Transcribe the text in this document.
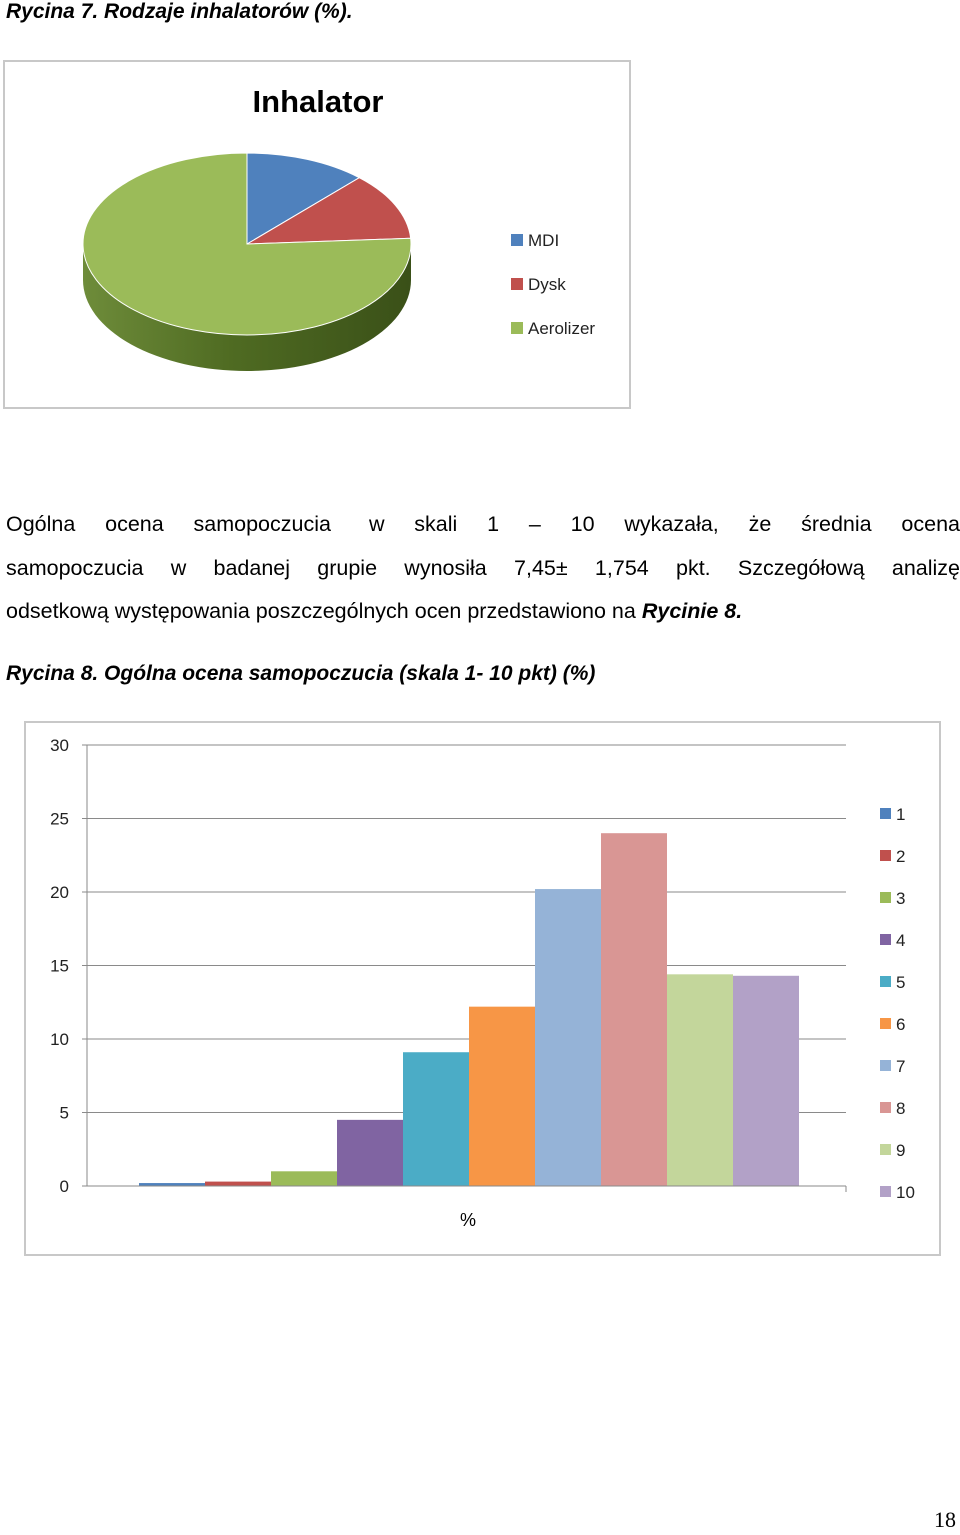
Rycina 7. Rodzaje inhalatorów (%).
Inhalator
MDI
Dysk
Aerolizer
Ogólna ocena samopoczucia w skali 1 – 10 wykazała, że średnia ocena
samopoczucia w badanej grupie wynosiła 7,45± 1,754 pkt. Szczegółową analizę
odsetkową występowania poszczególnych ocen przedstawiono na Rycinie 8.
Rycina 8. Ogólna ocena samopoczucia (skala 1- 10 pkt) (%)
0
5
10
15
20
25
30
1
2
3
4
5
6
7
8
9
10
%
18
